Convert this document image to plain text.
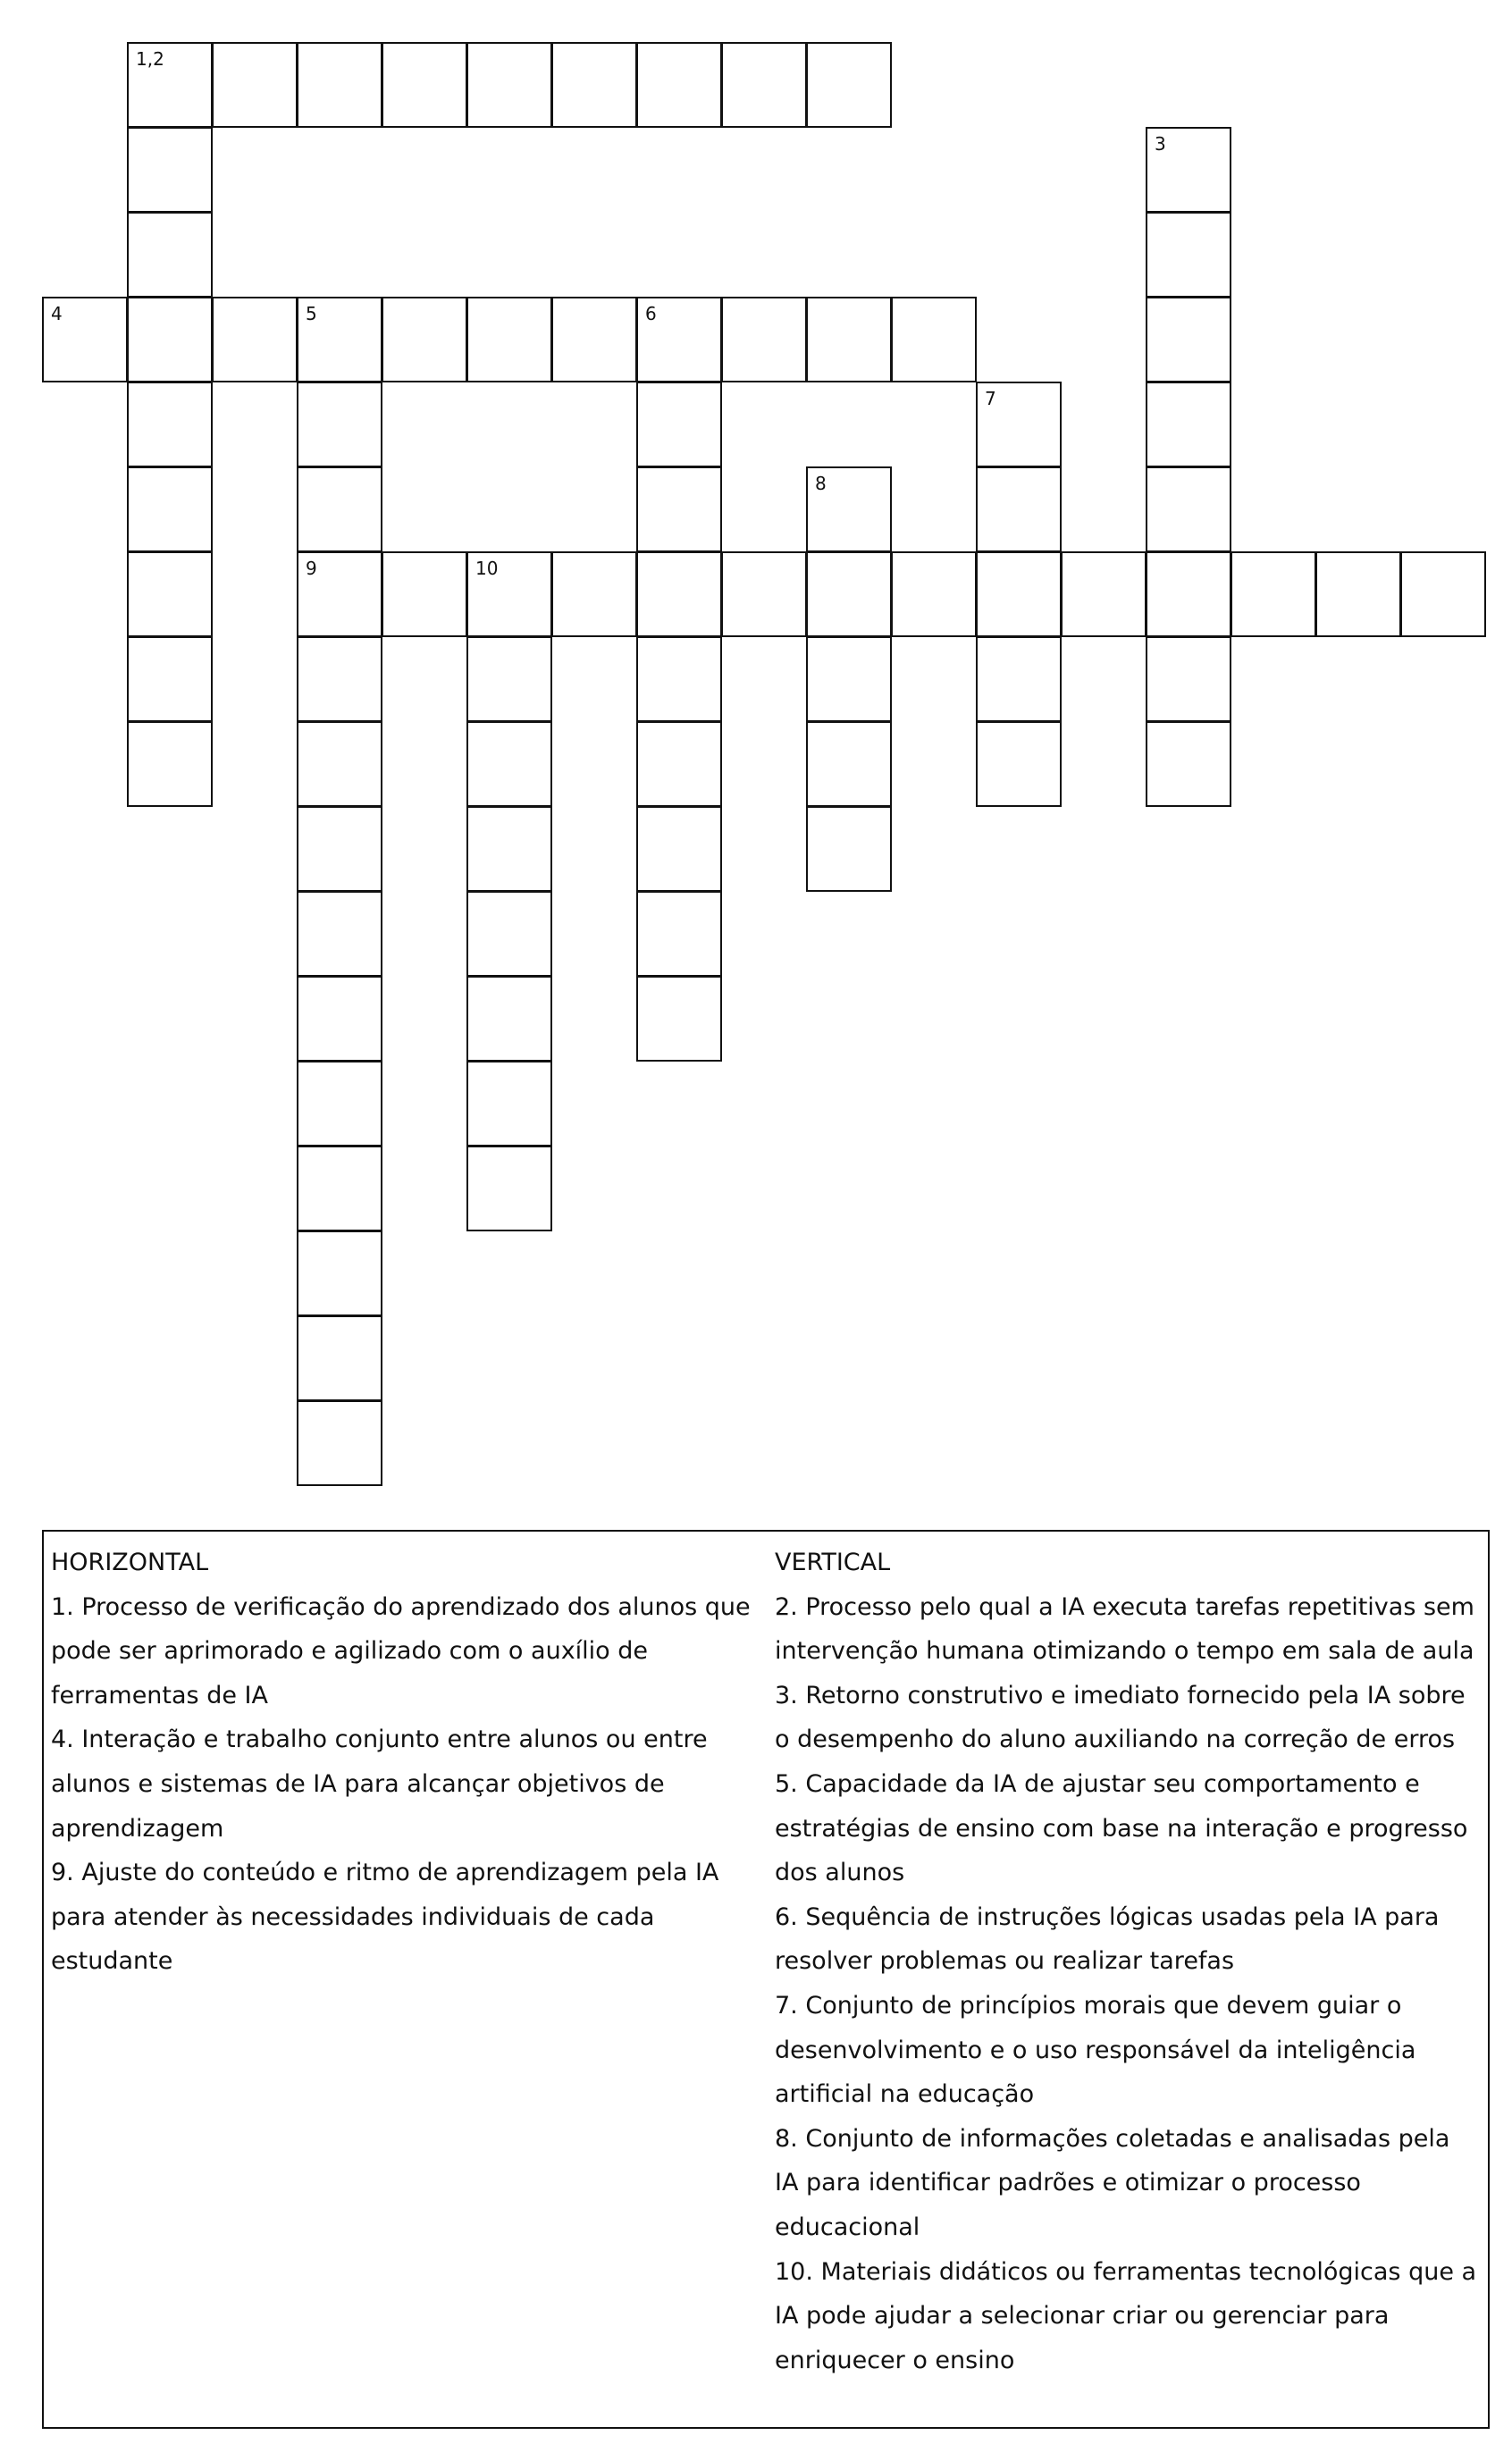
1,2
3
4	5	6
7
8
9	10
HORIZONTAL
1. Processo de verificação do aprendizado dos alunos que
pode ser aprimorado e agilizado com o auxílio de
ferramentas de IA
4. Interação e trabalho conjunto entre alunos ou entre
alunos e sistemas de IA para alcançar objetivos de
aprendizagem
9. Ajuste do conteúdo e ritmo de aprendizagem pela IA
para atender às necessidades individuais de cada
estudante
VERTICAL
2. Processo pelo qual a IA executa tarefas repetitivas sem
intervenção humana otimizando o tempo em sala de aula
3. Retorno construtivo e imediato fornecido pela IA sobre
o desempenho do aluno auxiliando na correção de erros
5. Capacidade da IA de ajustar seu comportamento e
estratégias de ensino com base na interação e progresso
dos alunos
6. Sequência de instruções lógicas usadas pela IA para
resolver problemas ou realizar tarefas
7. Conjunto de princípios morais que devem guiar o
desenvolvimento e o uso responsável da inteligência
artificial na educação
8. Conjunto de informações coletadas e analisadas pela
IA para identificar padrões e otimizar o processo
educacional
10. Materiais didáticos ou ferramentas tecnológicas que a
IA pode ajudar a selecionar criar ou gerenciar para
enriquecer o ensino
